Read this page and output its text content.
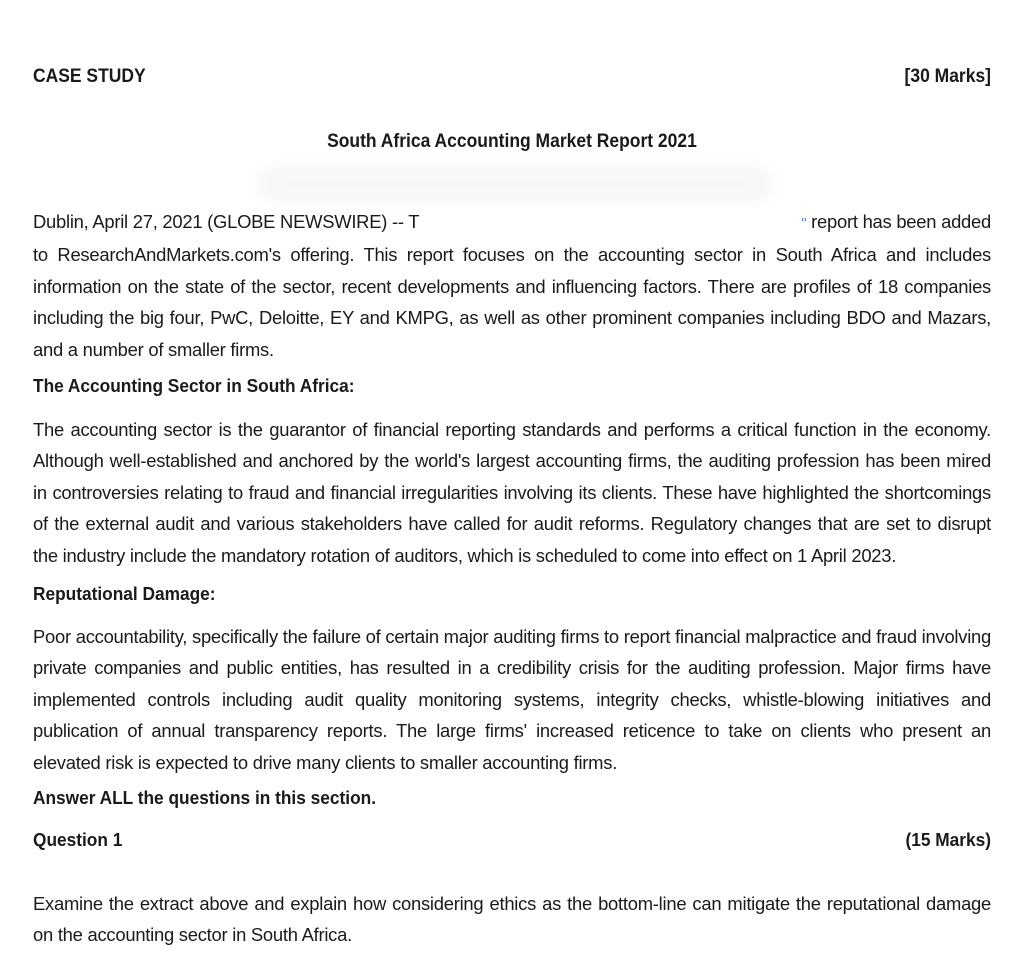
CASE STUDY	[30 Marks]
South Africa Accounting Market Report 2021
Dublin, April 27, 2021 (GLOBE NEWSWIRE) -- T	" report has been added
to ResearchAndMarkets.com's offering. This report focuses on the accounting sector in South Africa and includes information on the state of the sector, recent developments and influencing factors. There are profiles of 18 companies including the big four, PwC, Deloitte, EY and KMPG, as well as other prominent companies including BDO and Mazars, and a number of smaller firms.

The Accounting Sector in South Africa:

The accounting sector is the guarantor of financial reporting standards and performs a critical function in the economy. Although well-established and anchored by the world's largest accounting firms, the auditing profession has been mired in controversies relating to fraud and financial irregularities involving its clients. These have highlighted the shortcomings of the external audit and various stakeholders have called for audit reforms. Regulatory changes that are set to disrupt the industry include the mandatory rotation of auditors, which is scheduled to come into effect on 1 April 2023.

Reputational Damage:

Poor accountability, specifically the failure of certain major auditing firms to report financial malpractice and fraud involving private companies and public entities, has resulted in a credibility crisis for the auditing profession. Major firms have implemented controls including audit quality monitoring systems, integrity checks, whistle-blowing initiatives and publication of annual transparency reports. The large firms' increased reticence to take on clients who present an elevated risk is expected to drive many clients to smaller accounting firms.

Answer ALL the questions in this section.

Question 1	(15 Marks)

Examine the extract above and explain how considering ethics as the bottom-line can mitigate the reputational damage on the accounting sector in South Africa.
